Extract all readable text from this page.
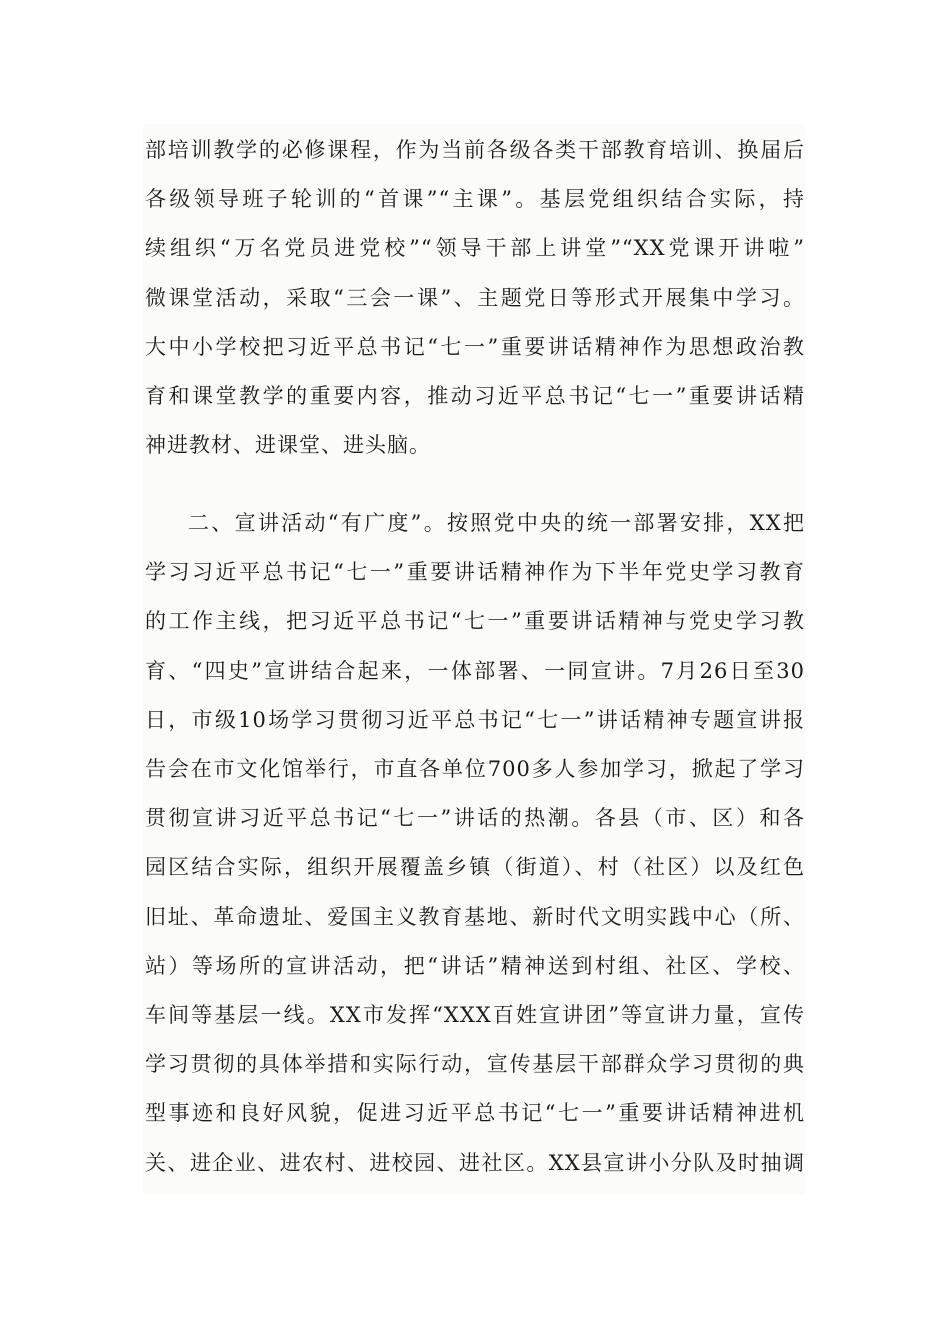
部培训教学的必修课程，作为当前各级各类干部教育培训、换届后
各级领导班子轮训的“首课”“主课”。基层党组织结合实际，持
续组织“万名党员进党校”“领导干部上讲堂”“XX党课开讲啦”
微课堂活动，采取“三会一课”、主题党日等形式开展集中学习。
大中小学校把习近平总书记“七一”重要讲话精神作为思想政治教
育和课堂教学的重要内容，推动习近平总书记“七一”重要讲话精
神进教材、进课堂、进头脑。
二、宣讲活动“有广度”。按照党中央的统一部署安排，XX把
学习习近平总书记“七一”重要讲话精神作为下半年党史学习教育
的工作主线，把习近平总书记“七一”重要讲话精神与党史学习教
育、“四史”宣讲结合起来，一体部署、一同宣讲。7月26日至30
日，市级10场学习贯彻习近平总书记“七一”讲话精神专题宣讲报
告会在市文化馆举行，市直各单位700多人参加学习，掀起了学习
贯彻宣讲习近平总书记“七一”讲话的热潮。各县（市、区）和各
园区结合实际，组织开展覆盖乡镇（街道）、村（社区）以及红色
旧址、革命遗址、爱国主义教育基地、新时代文明实践中心（所、
站）等场所的宣讲活动，把“讲话”精神送到村组、社区、学校、
车间等基层一线。XX市发挥“XXX百姓宣讲团”等宣讲力量，宣传
学习贯彻的具体举措和实际行动，宣传基层干部群众学习贯彻的典
型事迹和良好风貌，促进习近平总书记“七一”重要讲话精神进机
关、进企业、进农村、进校园、进社区。XX县宣讲小分队及时抽调
